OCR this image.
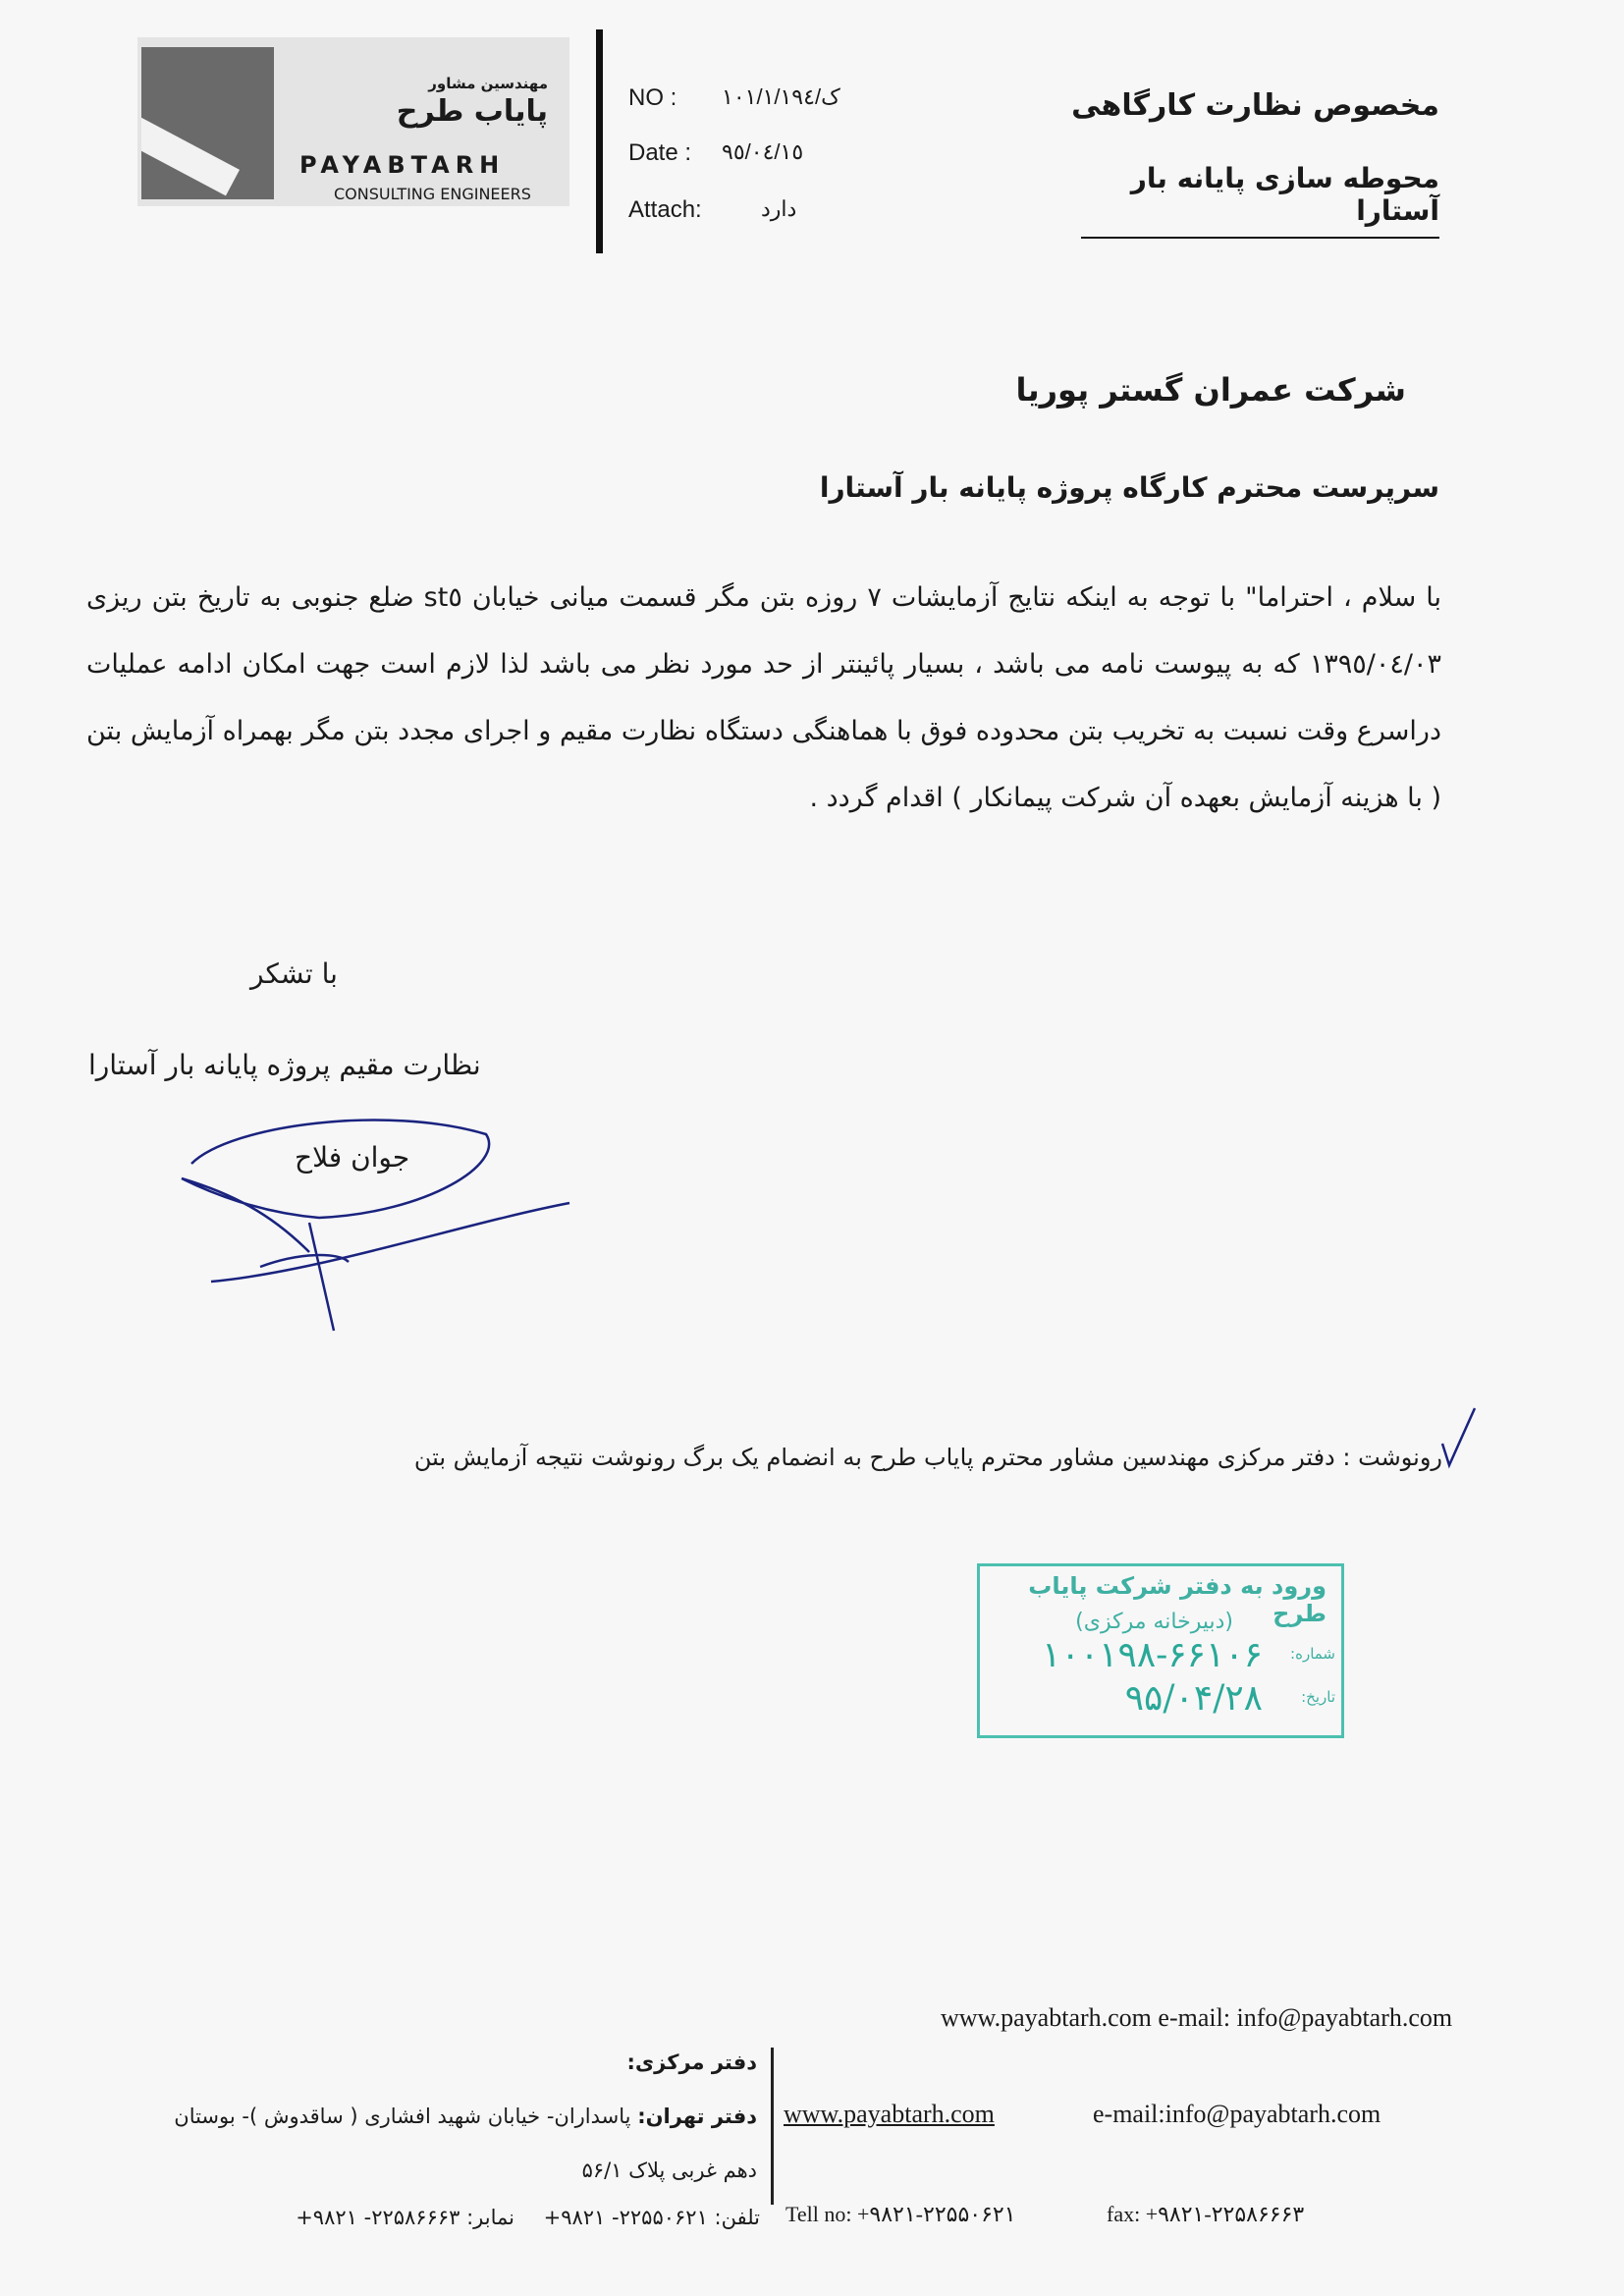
مهندسین مشاور
پایاب طرح
PAYABTARH
CONSULTING ENGINEERS
NO : ۱۰۱/ک/۱/۱۹٤
Date : ۹٥/۰٤/۱٥
Attach:	دارد
مخصوص نظارت کارگاهی
محوطه سازی پایانه بار آستارا
شرکت عمران گستر پوریا
سرپرست محترم کارگاه پروژه پایانه بار آستارا
با سلام ، احتراما" با توجه به اینکه نتایج آزمایشات ۷ روزه بتن مگر قسمت میانی خیابان st٥ ضلع جنوبی به تاریخ بتن ریزی ۱۳۹٥/۰٤/۰۳ که به پیوست نامه می باشد ، بسیار پائینتر از حد مورد نظر می باشد لذا لازم است جهت امکان ادامه عملیات دراسرع وقت نسبت به تخریب بتن محدوده فوق با هماهنگی دستگاه نظارت مقیم و اجرای مجدد بتن مگر بهمراه آزمایش بتن ( با هزینه آزمایش بعهده آن شرکت پیمانکار ) اقدام گردد .
با تشکر
نظارت مقیم پروژه پایانه بار آستارا
جوان فلاح
رونوشت : دفتر مرکزی مهندسین مشاور محترم پایاب طرح به انضمام یک برگ رونوشت نتیجه آزمایش بتن
ورود به دفتر شرکت پایاب طرح
(دبیرخانه مرکزی)
شماره:
۱۰۰۱۹۸-۶۶۱۰۶
تاریخ:
۹۵/۰۴/۲۸
www.payabtarh.com e-mail: info@payabtarh.com
دفتر مرکزی:
دفتر تهران: پاسداران- خیابان شهید افشاری ( ساقدوش )- بوستان
دهم غربی پلاک ۵۶/۱
www.payabtarh.com	e-mail:info@payabtarh.com
تلفن: ۲۲۵۵۰۶۲۱- ۹۸۲۱+
نمابر: ۲۲۵۸۶۶۶۳- ۹۸۲۱+	Tell no: +۹۸۲۱-۲۲۵۵۰۶۲۱	fax: +۹۸۲۱-۲۲۵۸۶۶۶۳
